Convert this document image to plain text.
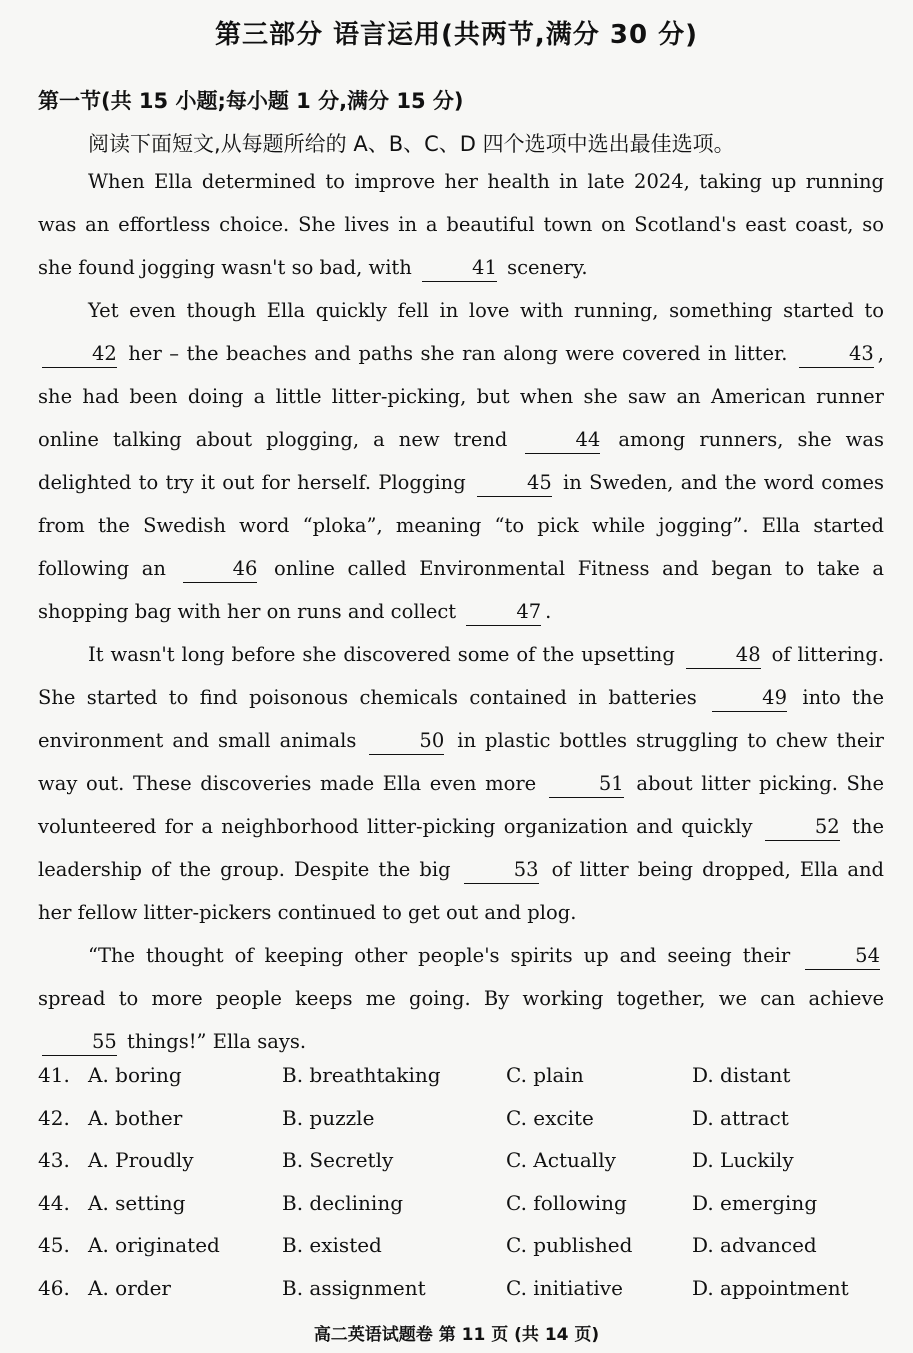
第三部分 语言运用(共两节,满分 30 分)
第一节(共 15 小题;每小题 1 分,满分 15 分)
阅读下面短文,从每题所给的 A、B、C、D 四个选项中选出最佳选项。

When Ella determined to improve her health in late 2024, taking up running was an effortless choice. She lives in a beautiful town on Scotland's east coast, so she found jogging wasn't so bad, with	41 scenery.

Yet even though Ella quickly fell in love with running, something started to 42 her – the beaches and paths she ran along were covered in litter.	43 , she had been doing a little litter-picking, but when she saw an American runner online talking about plogging, a new trend	44 among runners, she was delighted to try it out for herself. Plogging	45 in Sweden, and the word comes from the Swedish word “ploka”, meaning “to pick while jogging”. Ella started following an	46 online called Environmental Fitness and began to take a shopping bag with her on runs and collect	47 .

It wasn't long before she discovered some of the upsetting	48 of littering. She started to find poisonous chemicals contained in batteries	49 into the environment and small animals	50 in plastic bottles struggling to chew their way out. These discoveries made Ella even more	51 about litter picking. She volunteered for a neighborhood litter-picking organization and quickly	52 the leadership of the group. Despite the big	53 of litter being dropped, Ella and her fellow litter-pickers continued to get out and plog.

“The thought of keeping other people's spirits up and seeing their	54 spread to more people keeps me going. By working together, we can achieve 55 things!” Ella says.

41. A. boring	B. breathtaking	C. plain	D. distant
42. A. bother	B. puzzle	C. excite	D. attract
43. A. Proudly	B. Secretly	C. Actually	D. Luckily
44. A. setting	B. declining	C. following	D. emerging
45. A. originated	B. existed	C. published	D. advanced
46. A. order	B. assignment	C. initiative	D. appointment
高二英语试题卷 第 11 页 (共 14 页)
